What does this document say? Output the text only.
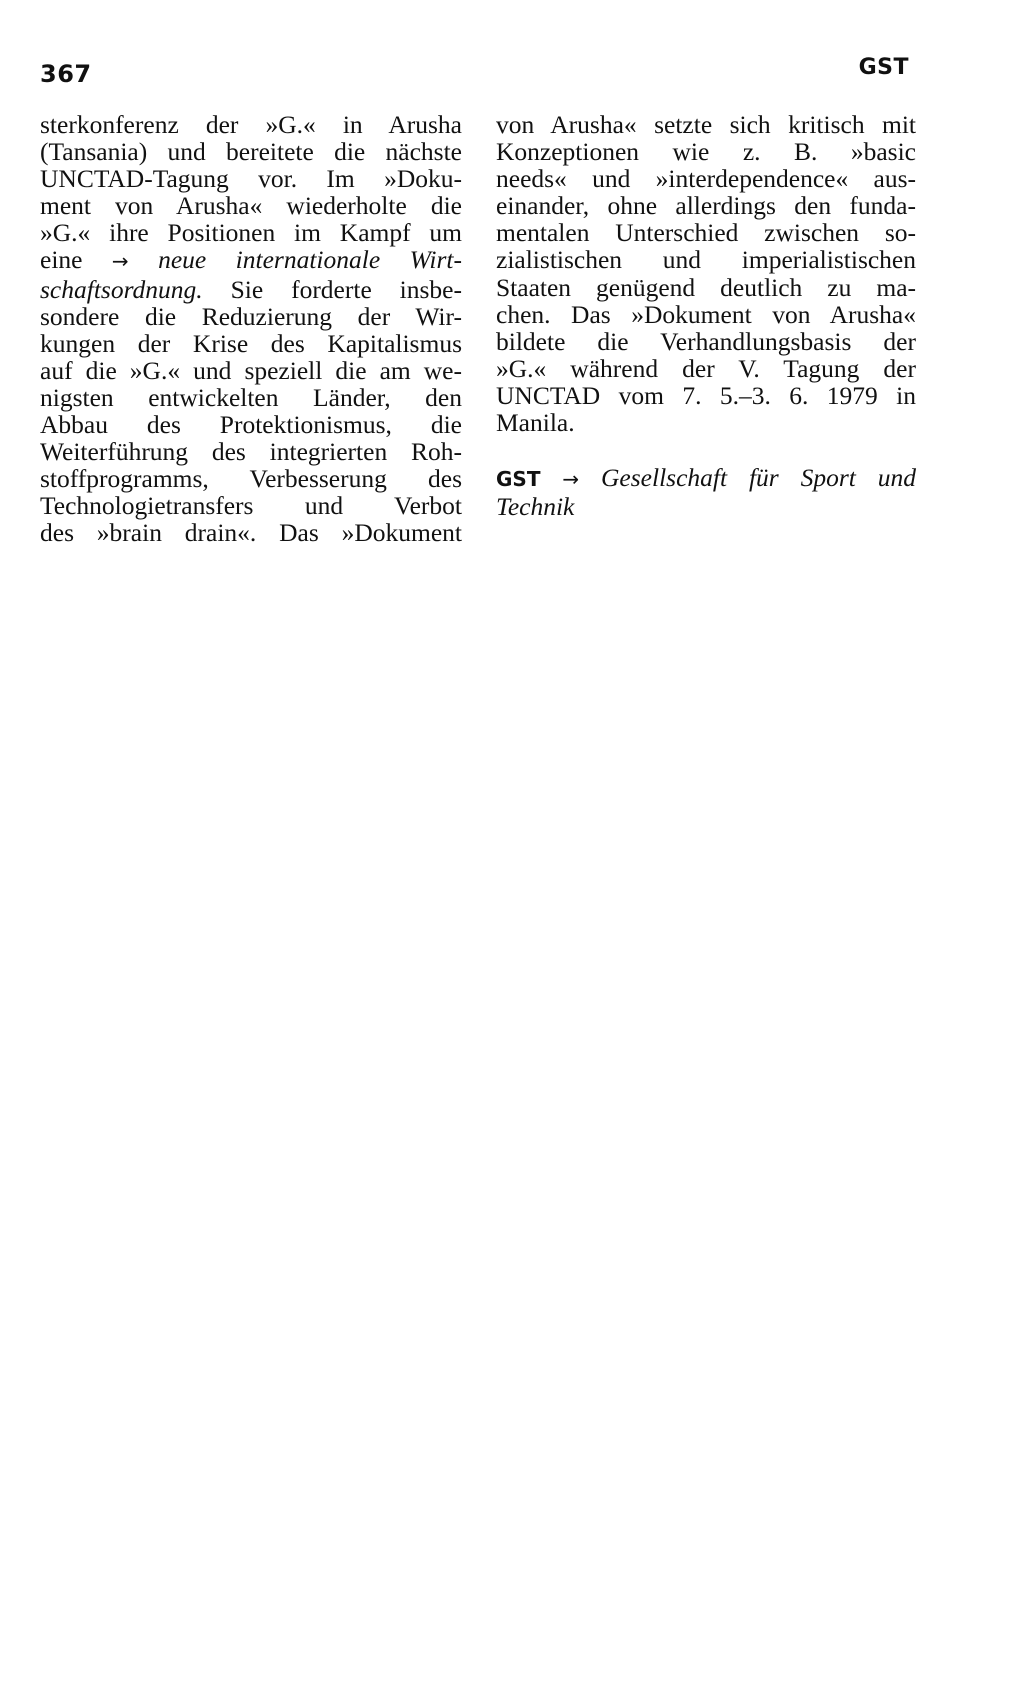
367	GST
sterkonferenz der »G.« in Arusha
(Tansania) und bereitete die nächste
UNCTAD-Tagung vor. Im »Doku-
ment von Arusha« wiederholte die
»G.« ihre Positionen im Kampf um
eine → neue internationale Wirt-
schaftsordnung. Sie forderte insbe-
sondere die Reduzierung der Wir-
kungen der Krise des Kapitalismus
auf die »G.« und speziell die am we-
nigsten entwickelten Länder, den
Abbau des Protektionismus, die
Weiterführung des integrierten Roh-
stoffprogramms, Verbesserung des
Technologietransfers und Verbot
des »brain drain«. Das »Dokument
von Arusha« setzte sich kritisch mit
Konzeptionen wie z. B. »basic
needs« und »interdependence« aus-
einander, ohne allerdings den funda-
mentalen Unterschied zwischen so-
zialistischen und imperialistischen
Staaten genügend deutlich zu ma-
chen. Das »Dokument von Arusha«
bildete die Verhandlungsbasis der
»G.« während der V. Tagung der
UNCTAD vom 7. 5.–3. 6. 1979 in
Manila.
GST → Gesellschaft für Sport und
Technik
